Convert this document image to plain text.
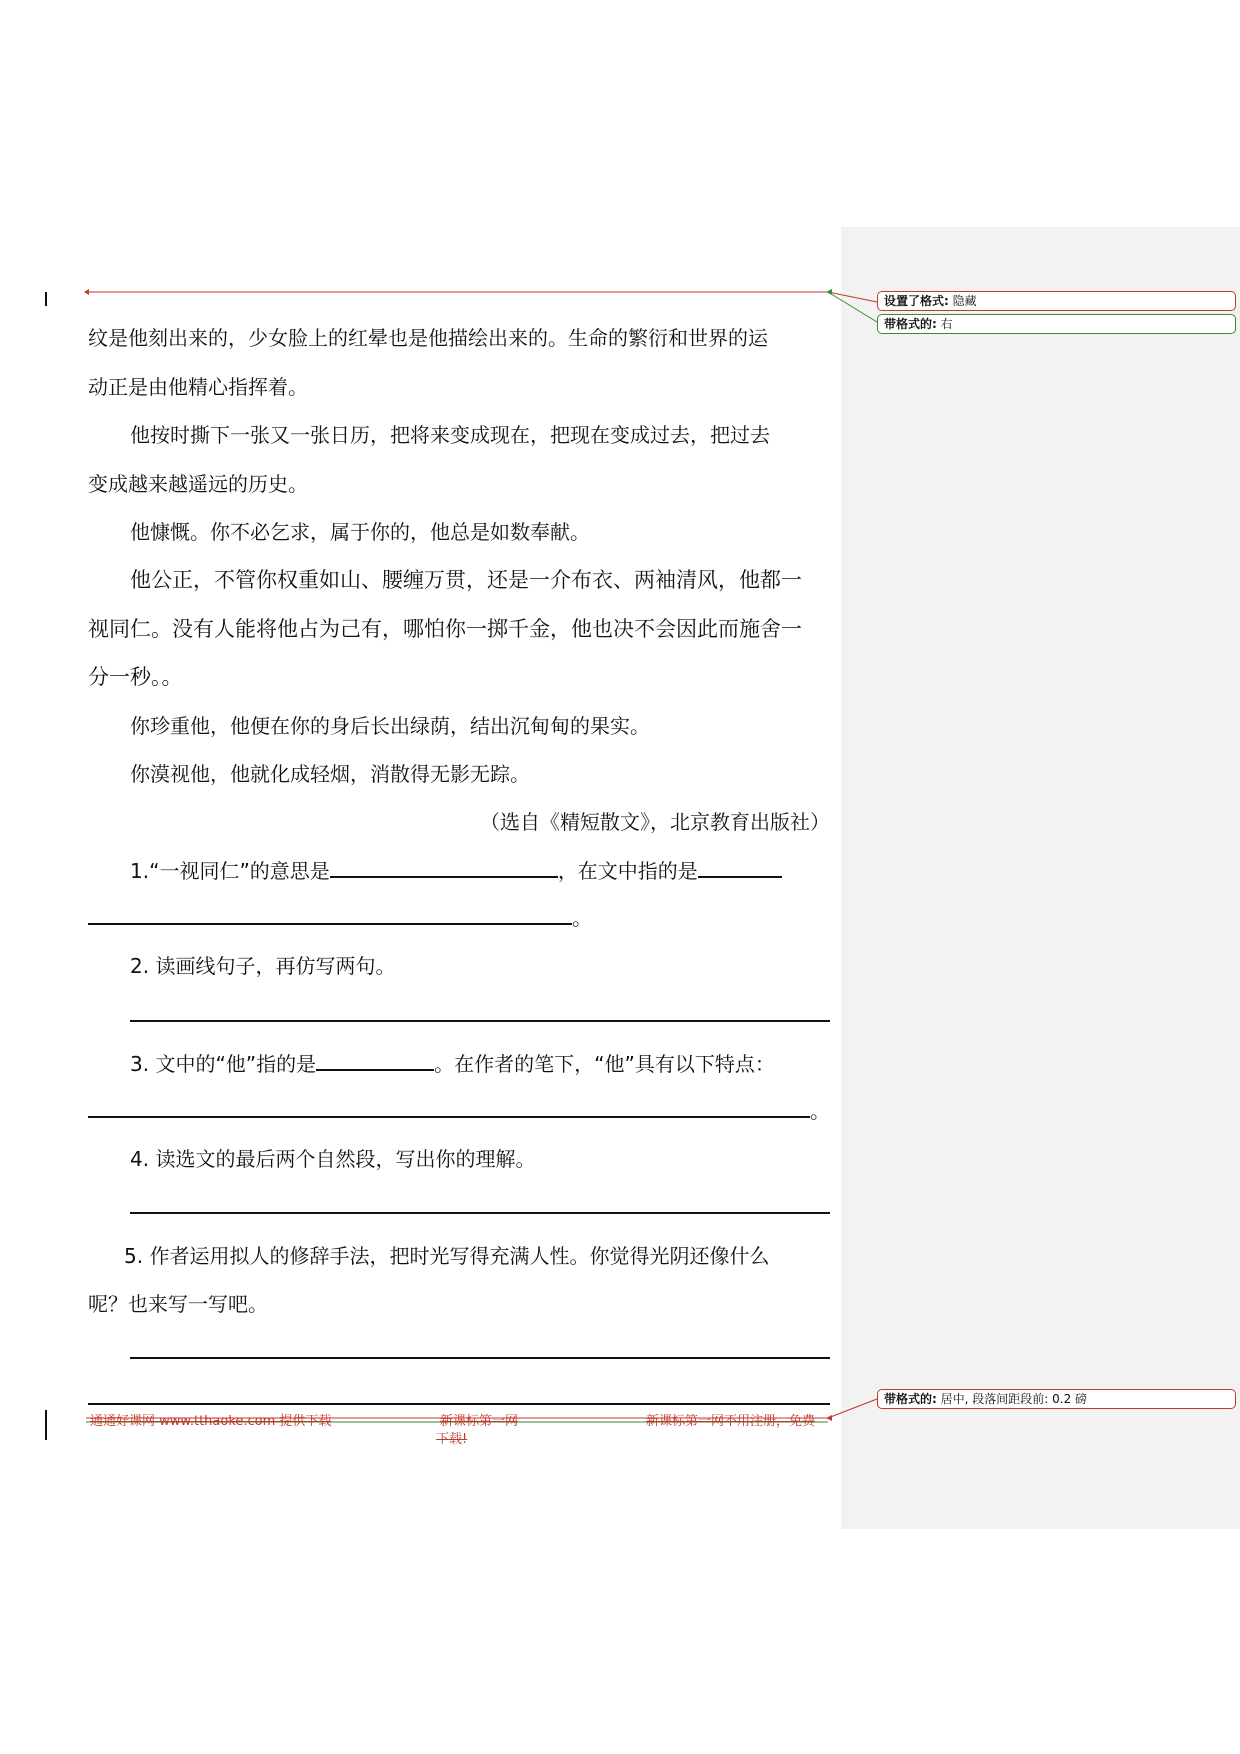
设置了格式: 隐藏
带格式的: 右
带格式的: 居中, 段落间距段前: 0.2 磅
纹是他刻出来的，少女脸上的红晕也是他描绘出来的。生命的繁衍和世界的运
动正是由他精心指挥着。
他按时撕下一张又一张日历，把将来变成现在，把现在变成过去，把过去
变成越来越遥远的历史。
他慷慨。你不必乞求，属于你的，他总是如数奉献。
他公正，不管你权重如山、腰缠万贯，还是一介布衣、两袖清风，他都一
视同仁。没有人能将他占为己有，哪怕你一掷千金，他也决不会因此而施舍一
分一秒。。
你珍重他，他便在你的身后长出绿荫，结出沉甸甸的果实。
你漠视他，他就化成轻烟，消散得无影无踪。
（选自《精短散文》，北京教育出版社）
1.“一视同仁”的意思是	，在文中指的是
。
2. 读画线句子，再仿写两句。
3. 文中的“他”指的是	。在作者的笔下，“他”具有以下特点：
。
4. 读选文的最后两个自然段，写出你的理解。
5. 作者运用拟人的修辞手法，把时光写得充满人性。你觉得光阴还像什么
呢？也来写一写吧。
通通好课网 www.tthaoke.com 提供下载	新课标第一网
下载!
新课标第一网不用注册，免费
